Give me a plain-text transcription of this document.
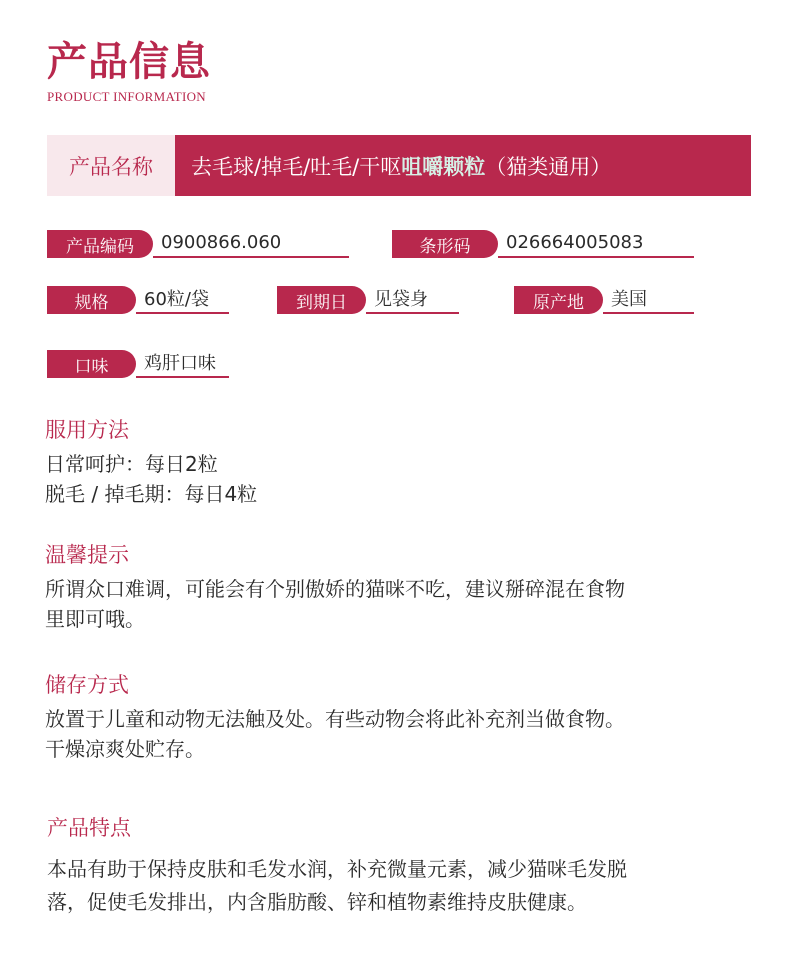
产品信息
PRODUCT INFORMATION
产品名称	去毛球/掉毛/吐毛/干呕 咀嚼颗粒 （猫类通用）
产品编码	0900866.060	条形码	026664005083
规格	60粒/袋	到期日	见袋身	原产地	美国
口味	鸡肝口味
服用方法
日常呵护：每日2粒
脱毛 / 掉毛期：每日4粒
温馨提示
所谓众口难调，可能会有个别傲娇的猫咪不吃，建议掰碎混在食物
里即可哦。
储存方式
放置于儿童和动物无法触及处。有些动物会将此补充剂当做食物。
干燥凉爽处贮存。
产品特点
本品有助于保持皮肤和毛发水润，补充微量元素，减少猫咪毛发脱
落，促使毛发排出，内含脂肪酸、锌和植物素维持皮肤健康。
